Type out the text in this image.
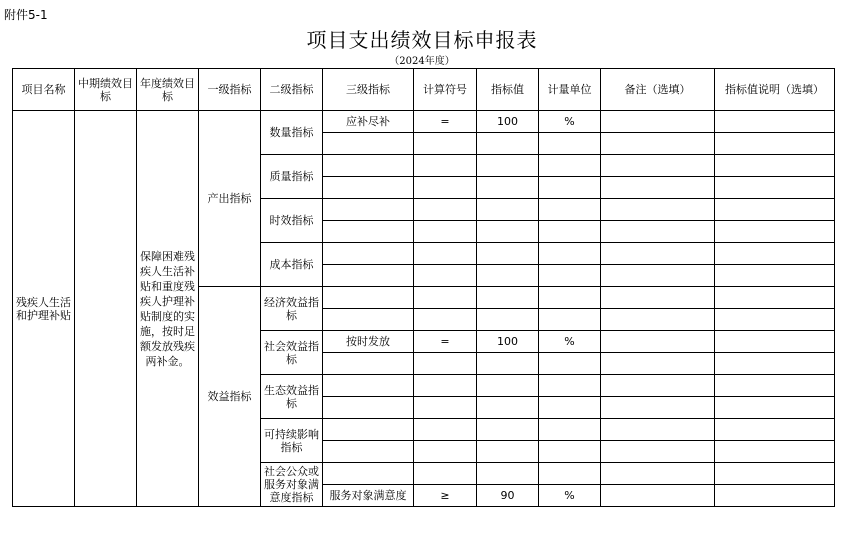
附件5-1
项目支出绩效目标申报表
（2024年度）
项目名称	中期绩效目标	年度绩效目标	一级指标	二级指标	三级指标	计算符号	指标值	计量单位	备注（选填）	指标值说明（选填）
残疾人生活和护理补贴		保障困难残疾人生活补贴和重度残疾人护理补贴制度的实施，按时足额发放残疾两补金。	产出指标	数量指标	应补尽补	=	100	%		

				质量指标						

				时效指标						

				成本指标						

			效益指标	经济效益指标						

				社会效益指标	按时发放	=	100	%		

				生态效益指标						

				可持续影响指标						

				社会公众或服务对象满意度指标						
					服务对象满意度	≥	90	%		
